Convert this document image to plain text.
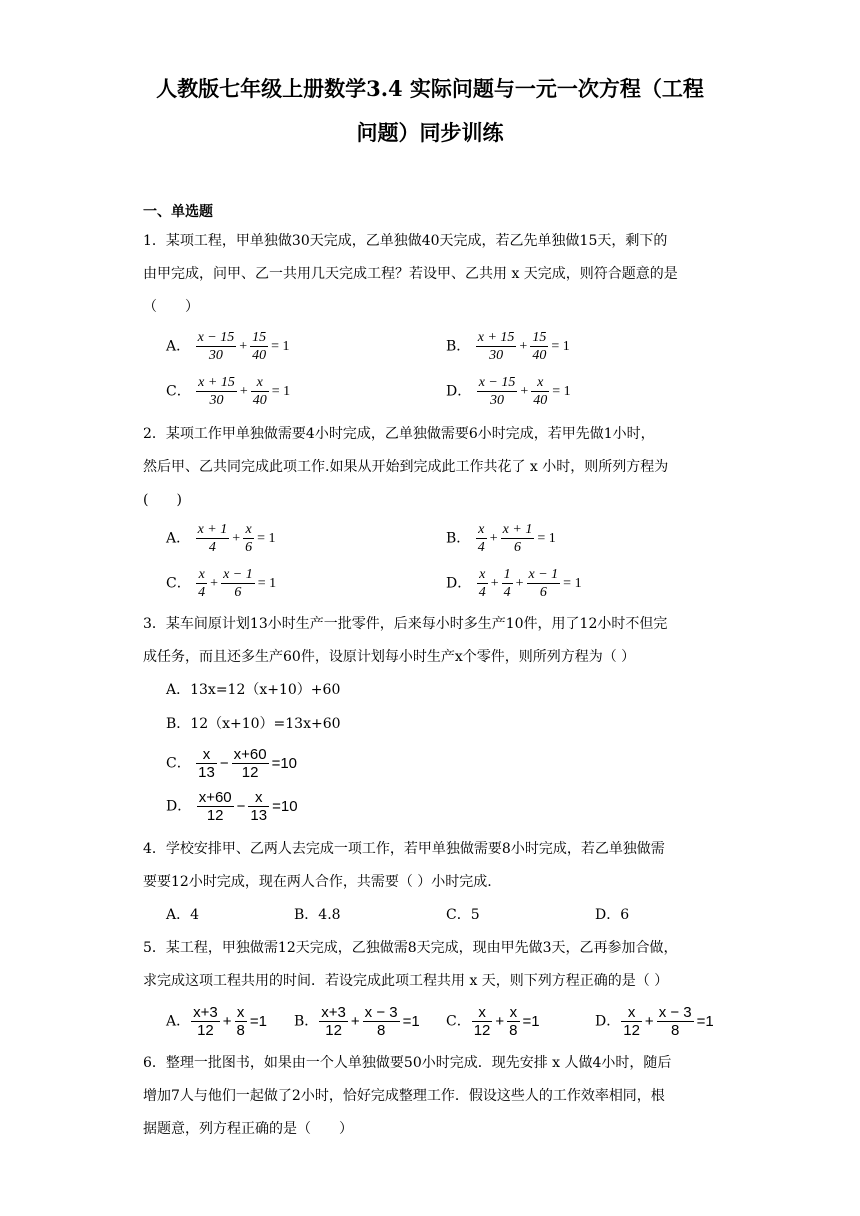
人教版七年级上册数学3.4 实际问题与一元一次方程（工程
问题）同步训练
一、单选题
1．某项工程，甲单独做30天完成，乙单独做40天完成，若乙先单独做15天，剩下的
由甲完成，问甲、乙一共用几天完成工程？若设甲、乙共用 x 天完成，则符合题意的是
（　　）
A． $\frac{x - 15}{30} + \frac{15}{40} = 1$	B． $\frac{x + 15}{30} + \frac{15}{40} = 1$
C． $\frac{x + 15}{30} + \frac{x}{40} = 1$	D． $\frac{x - 15}{30} + \frac{x}{40} = 1$
2．某项工作甲单独做需要4小时完成，乙单独做需要6小时完成，若甲先做1小时，
然后甲、乙共同完成此项工作.如果从开始到完成此工作共花了 x 小时，则所列方程为
(　　)
A． $\frac{x + 1}{4} + \frac{x}{6} = 1$	B． $\frac{x}{4} + \frac{x + 1}{6} = 1$
C． $\frac{x}{4} + \frac{x - 1}{6} = 1$	D． $\frac{x}{4} + \frac{1}{4} + \frac{x - 1}{6} = 1$
3．某车间原计划13小时生产一批零件，后来每小时多生产10件，用了12小时不但完
成任务，而且还多生产60件，设原计划每小时生产x个零件，则所列方程为（ ）
A．13x=12（x+10）+60
B．12（x+10）=13x+60
C． $\frac{x}{13} - \frac{x+60}{12} =10$
D． $\frac{x+60}{12} - \frac{x}{13} =10$
4．学校安排甲、乙两人去完成一项工作，若甲单独做需要8小时完成，若乙单独做需
要要12小时完成，现在两人合作，共需要（ ）小时完成.
A．4	B．4.8	C．5	D．6
5．某工程，甲独做需12天完成，乙独做需8天完成，现由甲先做3天，乙再参加合做，
求完成这项工程共用的时间．若设完成此项工程共用 x 天，则下列方程正确的是（ ）
A． $\frac{x+3}{12} + \frac{x}{8} =1$ B． $\frac{x+3}{12} + \frac{x - 3}{8} =1$ C． $\frac{x}{12} + \frac{x}{8} =1$	D． $\frac{x}{12} + \frac{x - 3}{8} =1$
6．整理一批图书，如果由一个人单独做要50小时完成．现先安排 x 人做4小时，随后
增加7人与他们一起做了2小时，恰好完成整理工作．假设这些人的工作效率相同，根
据题意，列方程正确的是（　　）
